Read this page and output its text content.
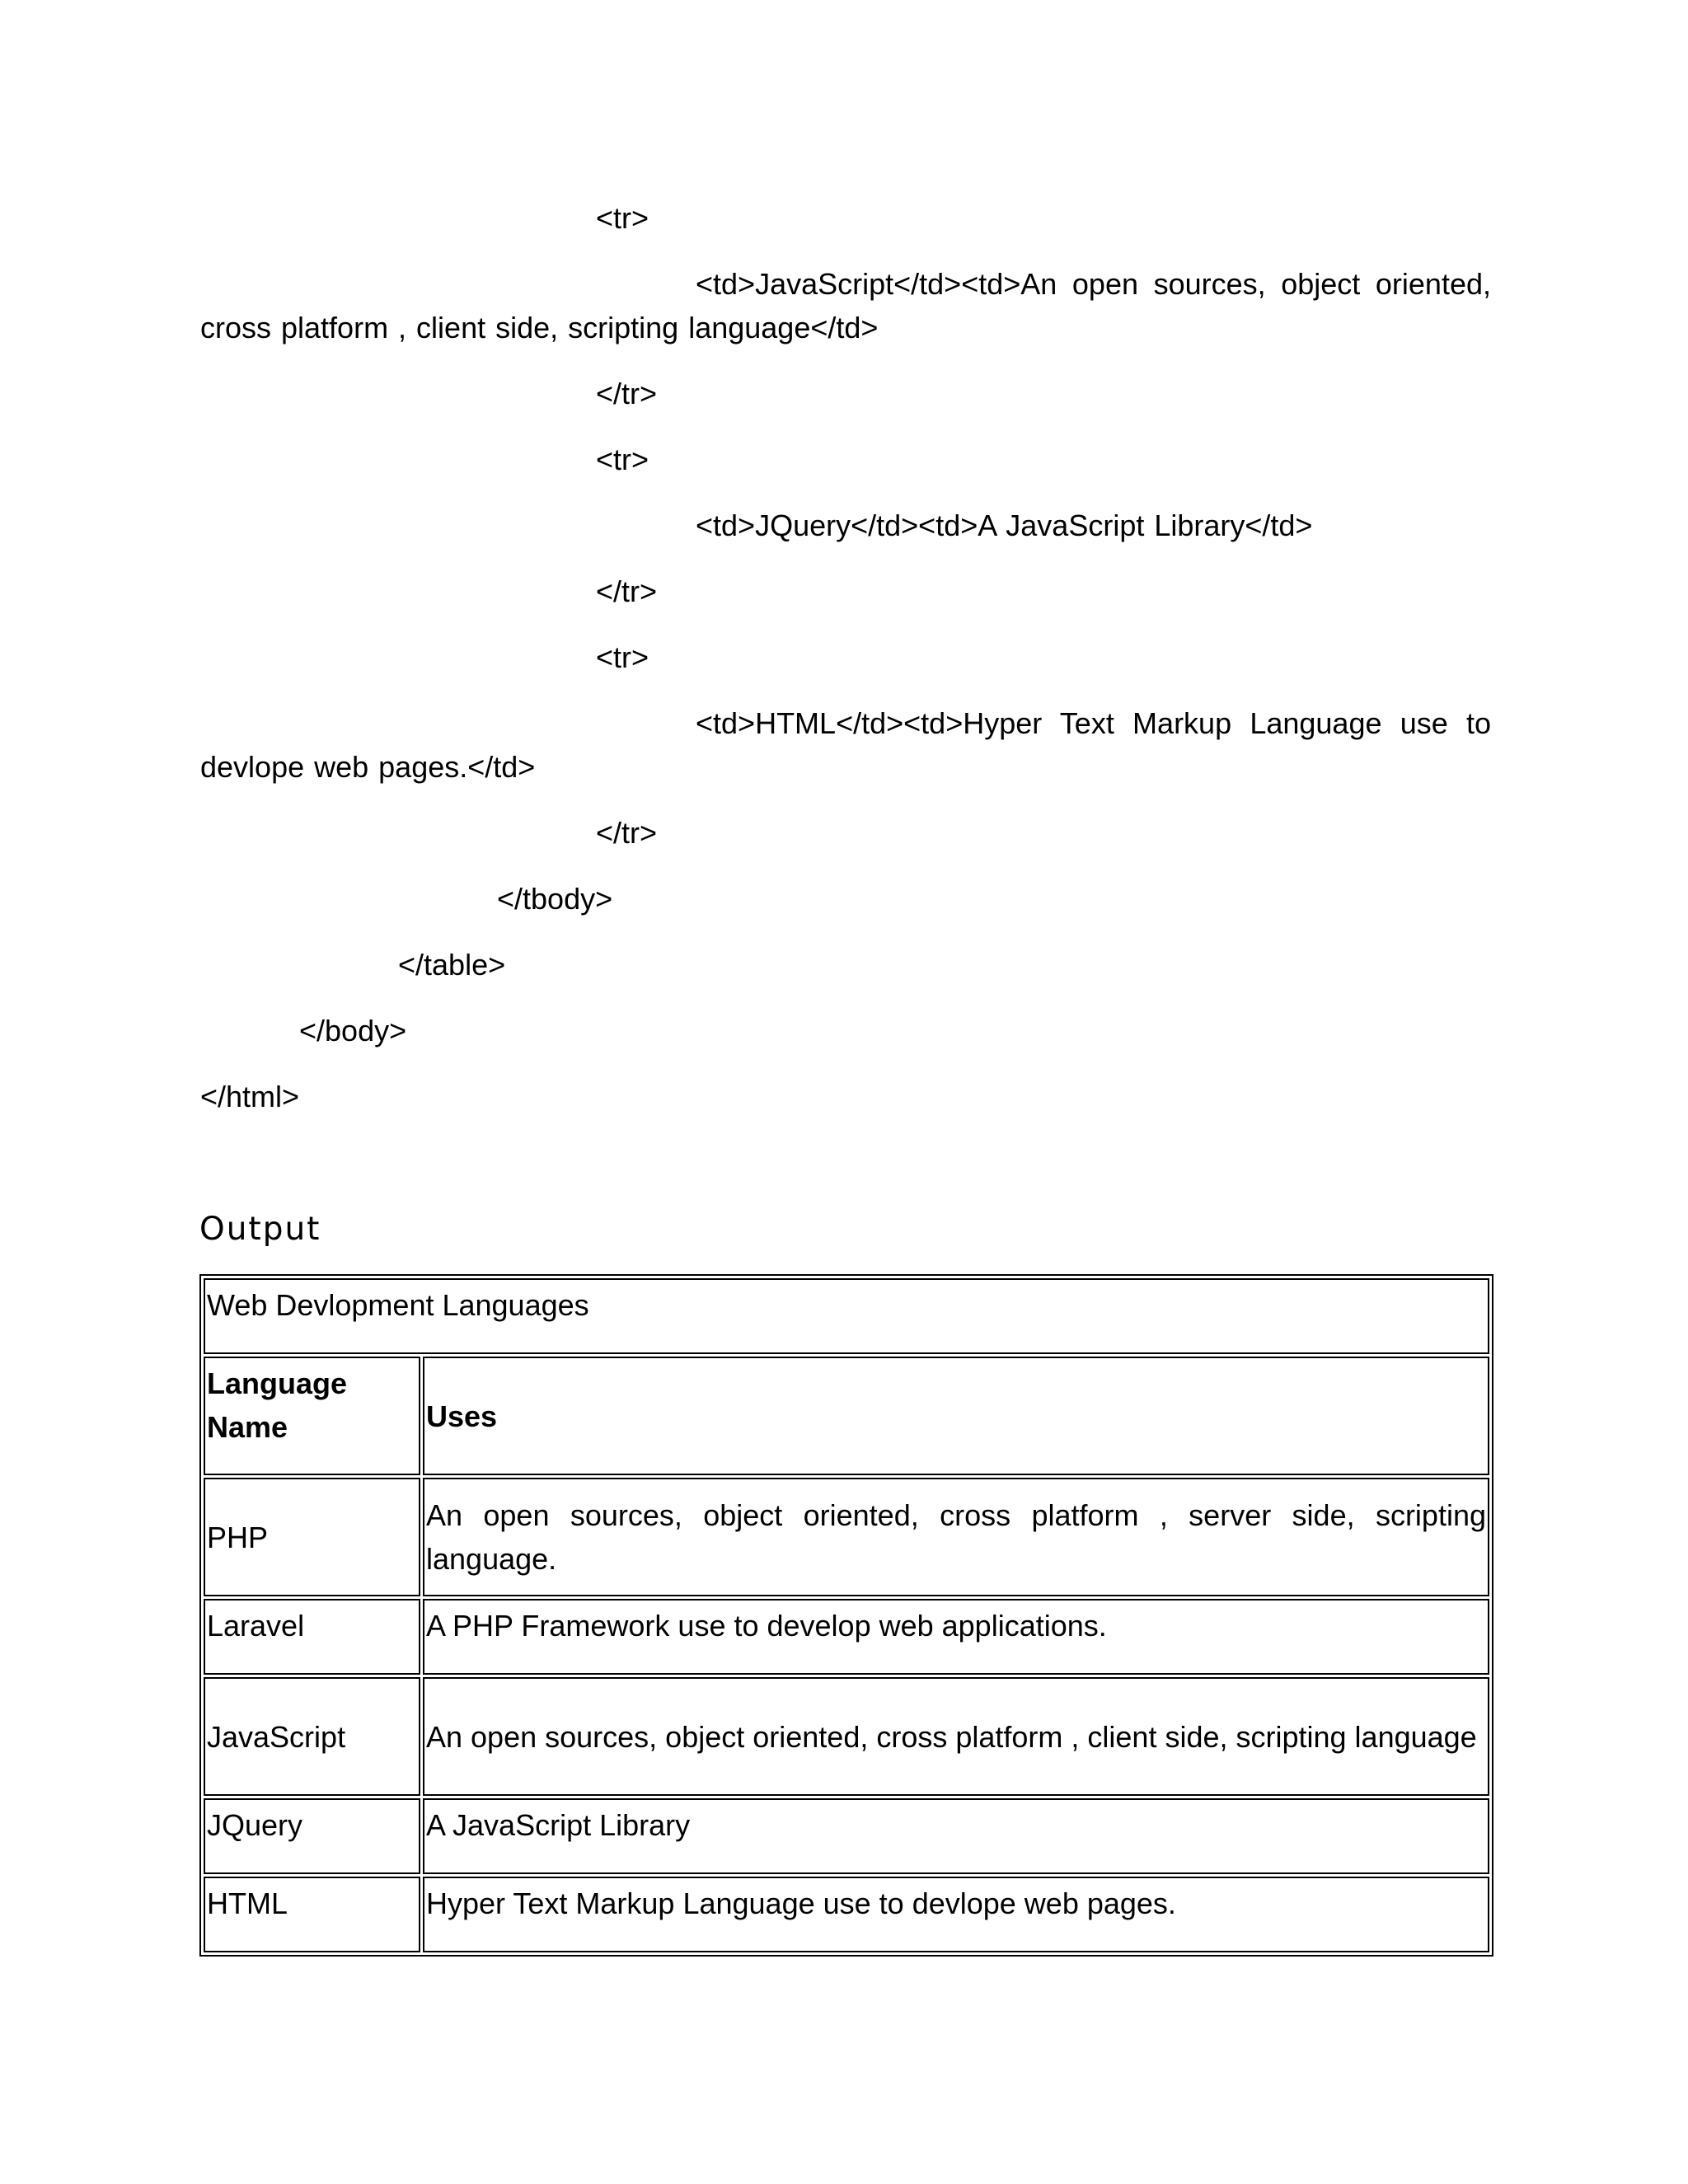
<tr>

<td>JavaScript</td><td>An open sources, object oriented, cross platform , client side, scripting language</td>

</tr>

<tr>

<td>JQuery</td><td>A JavaScript Library</td>

</tr>

<tr>

<td>HTML</td><td>Hyper Text Markup Language use to devlope web pages.</td>

</tr>

</tbody>

</table>

</body>

</html>

Output
Web Devlopment Languages	
Language Name	Uses
PHP	An open sources, object oriented, cross platform , server side, scripting language.
Laravel	A PHP Framework use to develop web applications.
JavaScript	An open sources, object oriented, cross platform , client side, scripting language
JQuery	A JavaScript Library
HTML	Hyper Text Markup Language use to devlope web pages.
